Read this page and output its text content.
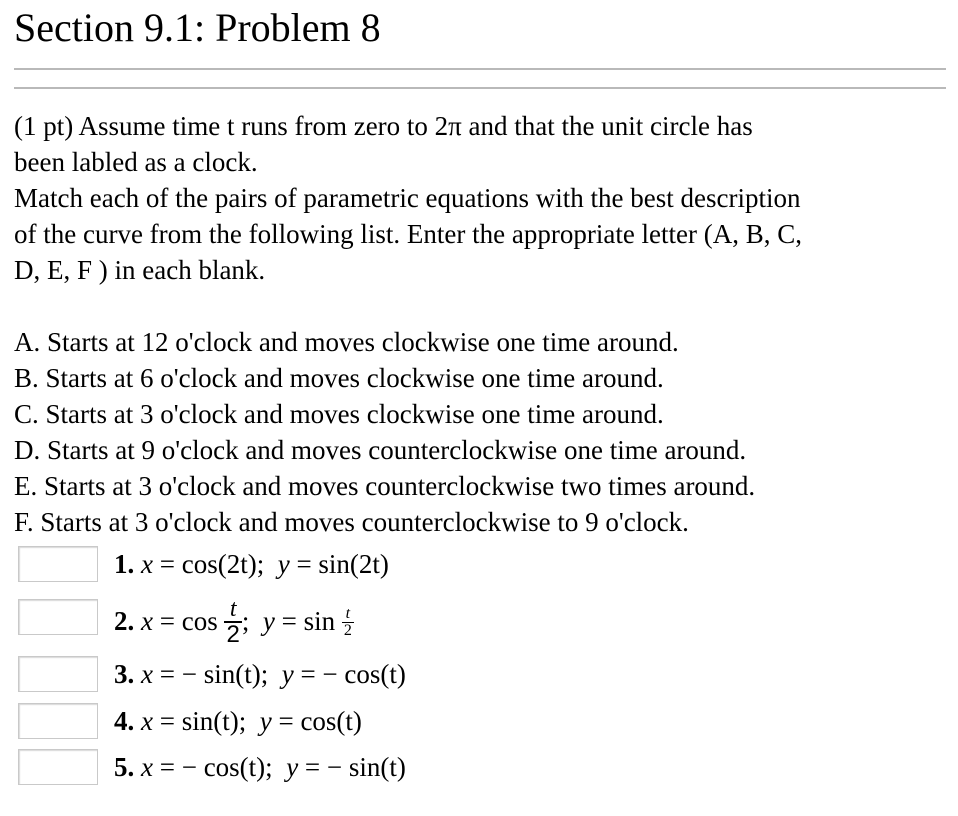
Section 9.1: Problem 8
(1 pt) Assume time t runs from zero to 2π and that the unit circle has
been labled as a clock.
Match each of the pairs of parametric equations with the best description
of the curve from the following list. Enter the appropriate letter (A, B, C,
D, E, F ) in each blank.
A. Starts at 12 o'clock and moves clockwise one time around.
B. Starts at 6 o'clock and moves clockwise one time around.
C. Starts at 3 o'clock and moves clockwise one time around.
D. Starts at 9 o'clock and moves counterclockwise one time around.
E. Starts at 3 o'clock and moves counterclockwise two times around.
F. Starts at 3 o'clock and moves counterclockwise to 9 o'clock.
1. x = cos(2t); y = sin(2t)
2. $x = \cos \frac{t}{2}$ ;  $y = \sin \frac{t}{2}$
3. x = − sin(t); y = − cos(t)
4. x = sin(t); y = cos(t)
5. x = − cos(t); y = − sin(t)
